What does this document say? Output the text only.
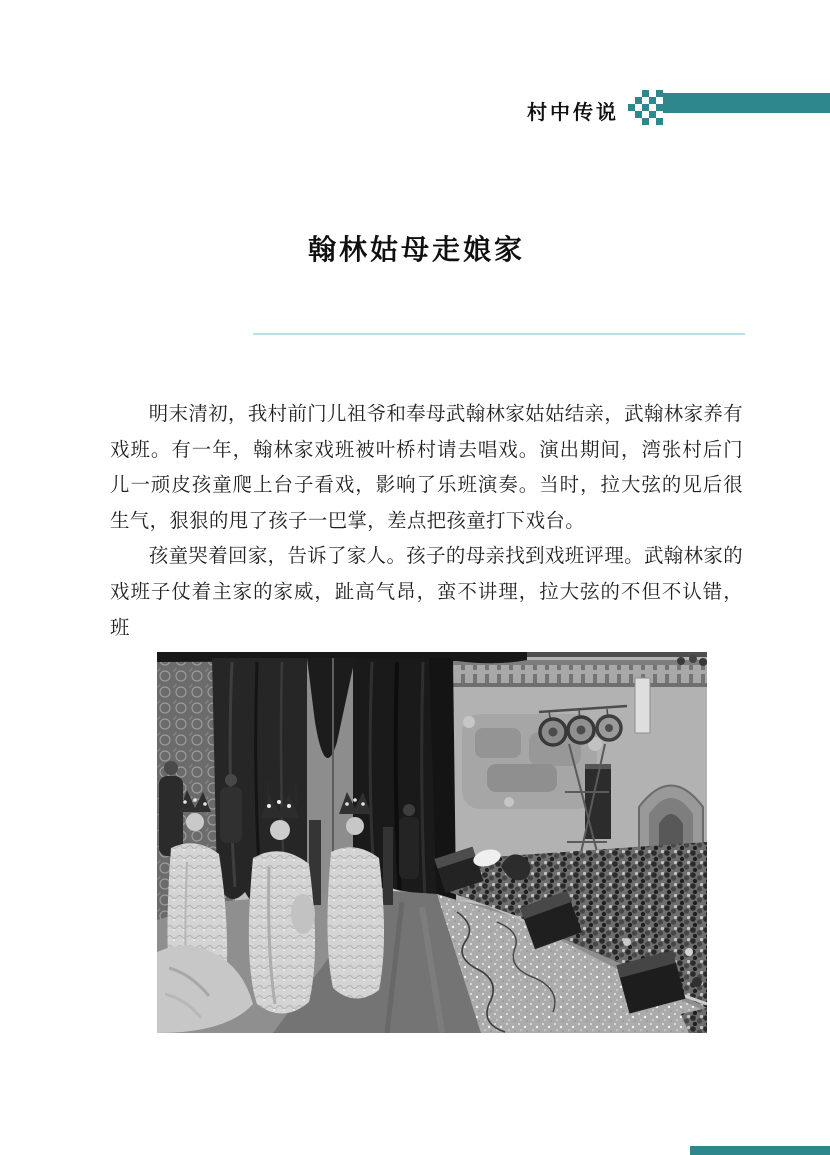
村中传说
翰林姑母走娘家

明末清初，我村前门儿祖爷和奉母武翰林家姑姑结亲，武翰林家养有戏班。有一年，翰林家戏班被叶桥村请去唱戏。演出期间，湾张村后门儿一顽皮孩童爬上台子看戏，影响了乐班演奏。当时，拉大弦的见后很生气，狠狠的甩了孩子一巴掌，差点把孩童打下戏台。

孩童哭着回家，告诉了家人。孩子的母亲找到戏班评理。武翰林家的戏班子仗着主家的家威，趾高气昂，蛮不讲理，拉大弦的不但不认错，班
